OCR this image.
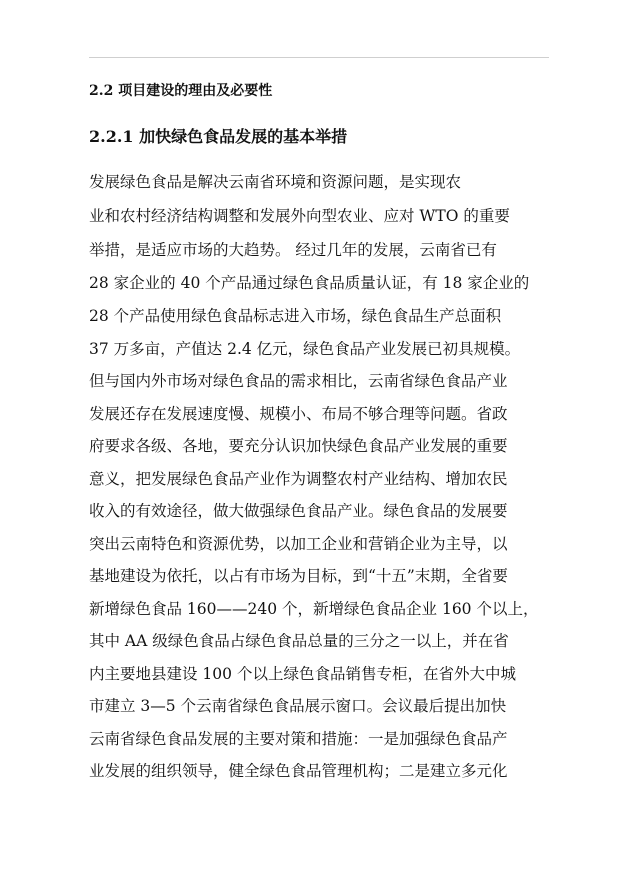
2.2 项目建设的理由及必要性
2.2.1 加快绿色食品发展的基本举措
发展绿色食品是解决云南省环境和资源问题，是实现农
业和农村经济结构调整和发展外向型农业、应对 WTO 的重要
举措，是适应市场的大趋势。 经过几年的发展，云南省已有
28 家企业的 40 个产品通过绿色食品质量认证，有 18 家企业的
28 个产品使用绿色食品标志进入市场，绿色食品生产总面积
37 万多亩，产值达 2.4 亿元，绿色食品产业发展已初具规模。
但与国内外市场对绿色食品的需求相比，云南省绿色食品产业
发展还存在发展速度慢、规模小、布局不够合理等问题。省政
府要求各级、各地，要充分认识加快绿色食品产业发展的重要
意义，把发展绿色食品产业作为调整农村产业结构、增加农民
收入的有效途径，做大做强绿色食品产业。绿色食品的发展要
突出云南特色和资源优势，以加工企业和营销企业为主导，以
基地建设为依托，以占有市场为目标，到“十五”末期，全省要
新增绿色食品 160——240 个，新增绿色食品企业 160 个以上，
其中 AA 级绿色食品占绿色食品总量的三分之一以上，并在省
内主要地县建设 100 个以上绿色食品销售专柜，在省外大中城
市建立 3—5 个云南省绿色食品展示窗口。会议最后提出加快
云南省绿色食品发展的主要对策和措施：一是加强绿色食品产
业发展的组织领导，健全绿色食品管理机构；二是建立多元化
